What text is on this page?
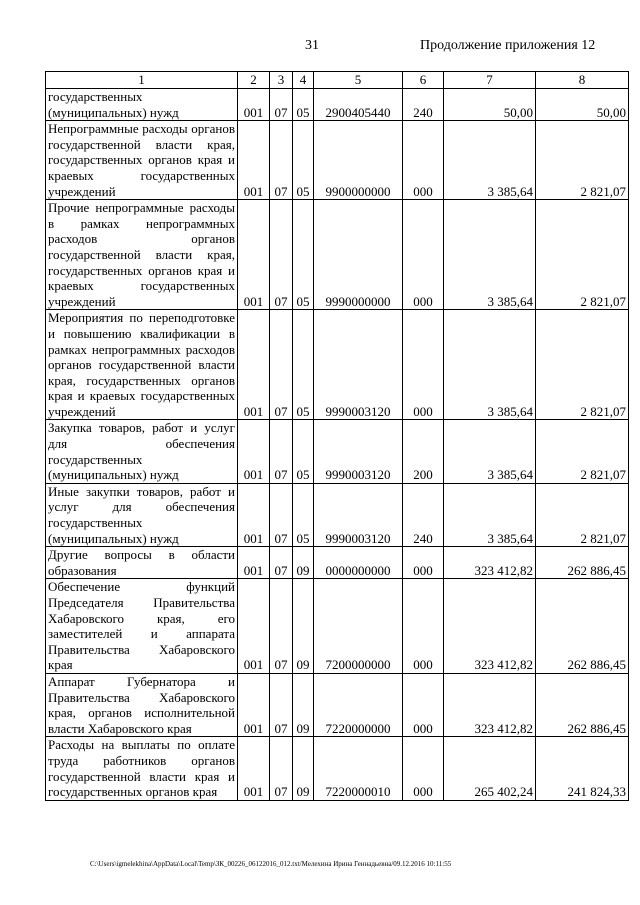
31	Продолжение приложения 12
1	2	3	4	5	6	7	8
государственных (муниципальных) нужд	001	07	05	2900405440	240	50,00	50,00
Непрограммные расходы органов государственной власти края, государственных органов края и краевых государственных учреждений	001	07	05	9900000000	000	3 385,64	2 821,07
Прочие непрограммные расходы в рамках непрограммных расходов органов государственной власти края, государственных органов края и краевых государственных учреждений	001	07	05	9990000000	000	3 385,64	2 821,07
Мероприятия по переподготовке и повышению квалификации в рамках непрограммных расходов органов государственной власти края, государственных органов края и краевых государственных учреждений	001	07	05	9990003120	000	3 385,64	2 821,07
Закупка товаров, работ и услуг для обеспечения государственных (муниципальных) нужд	001	07	05	9990003120	200	3 385,64	2 821,07
Иные закупки товаров, работ и услуг для обеспечения государственных (муниципальных) нужд	001	07	05	9990003120	240	3 385,64	2 821,07
Другие вопросы в области образования	001	07	09	0000000000	000	323 412,82	262 886,45
Обеспечение функций Председателя Правительства Хабаровского края, его заместителей и аппарата Правительства Хабаровского края	001	07	09	7200000000	000	323 412,82	262 886,45
Аппарат Губернатора и Правительства Хабаровского края, органов исполнительной власти Хабаровского края	001	07	09	7220000000	000	323 412,82	262 886,45
Расходы на выплаты по оплате труда работников органов государственной власти края и государственных органов края	001	07	09	7220000010	000	265 402,24	241 824,33
C:\Users\igmelekhina\AppData\Local\Temp\ЗК_00226_06122016_012.txt/Мелехина Ирина Геннадьевна/09.12.2016 10:11:55
